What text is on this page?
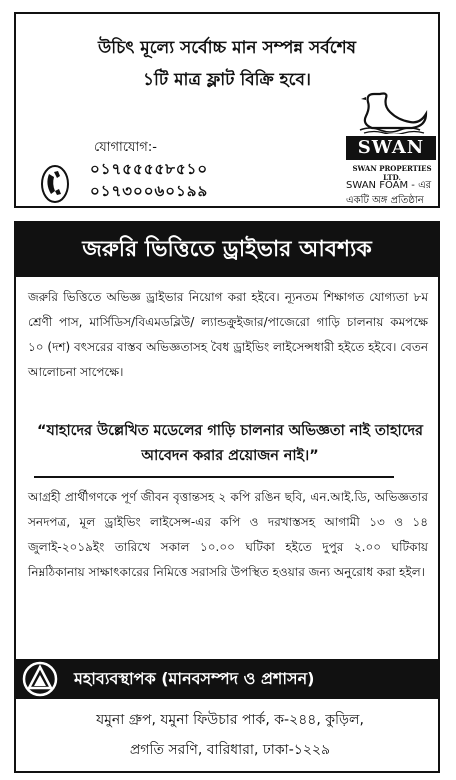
উচিৎ মূল্যে সর্বোচ্চ মান সম্পন্ন সর্বশেষ
১টি মাত্র ফ্লাট বিক্রি হবে।
যোগাযোগ:-
০১৭৫৫৫৫৮৫১০
০১৭৩০০৬০১৯৯
SWAN
SWAN PROPERTIES LTD.
SWAN FOAM - এর
একটি অঙ্গ প্রতিষ্ঠান
জরুরি ভিত্তিতে ড্রাইভার আবশ্যক
জরুরি ভিত্তিতে অভিজ্ঞ ড্রাইভার নিয়োগ করা হইবে। ন্যূনতম শিক্ষাগত যোগ্যতা ৮ম শ্রেণী পাস, মার্সিডিস/বিএমডব্লিউ/ ল্যান্ডক্রুইজার/পাজেরো গাড়ি চালনায় কমপক্ষে ১০ (দশ) বৎসরের বাস্তব অভিজ্ঞতাসহ বৈধ ড্রাইভিং লাইসেন্সধারী হইতে হইবে। বেতন আলোচনা সাপেক্ষে।
“যাহাদের উল্লেখিত মডেলের গাড়ি চালনার অভিজ্ঞতা নাই তাহাদের আবেদন করার প্রয়োজন নাই।”
আগ্রহী প্রার্থীগণকে পূর্ণ জীবন বৃত্তান্তসহ ২ কপি রঙিন ছবি, এন.আই.ডি, অভিজ্ঞতার সনদপত্র, মূল ড্রাইভিং লাইসেন্স-এর কপি ও দরখাস্তসহ আগামী ১৩ ও ১৪ জুলাই-২০১৯ইং তারিখে সকাল ১০.০০ ঘটিকা হইতে দুপুর ২.০০ ঘটিকায় নিম্নঠিকানায় সাক্ষাৎকারের নিমিত্তে সরাসরি উপস্থিত হওয়ার জন্য অনুরোধ করা হইল।
মহাব্যবস্থাপক (মানবসম্পদ ও প্রশাসন)
যমুনা গ্রুপ, যমুনা ফিউচার পার্ক, ক-২৪৪, কুড়িল,
প্রগতি সরণি, বারিধারা, ঢাকা-১২২৯
